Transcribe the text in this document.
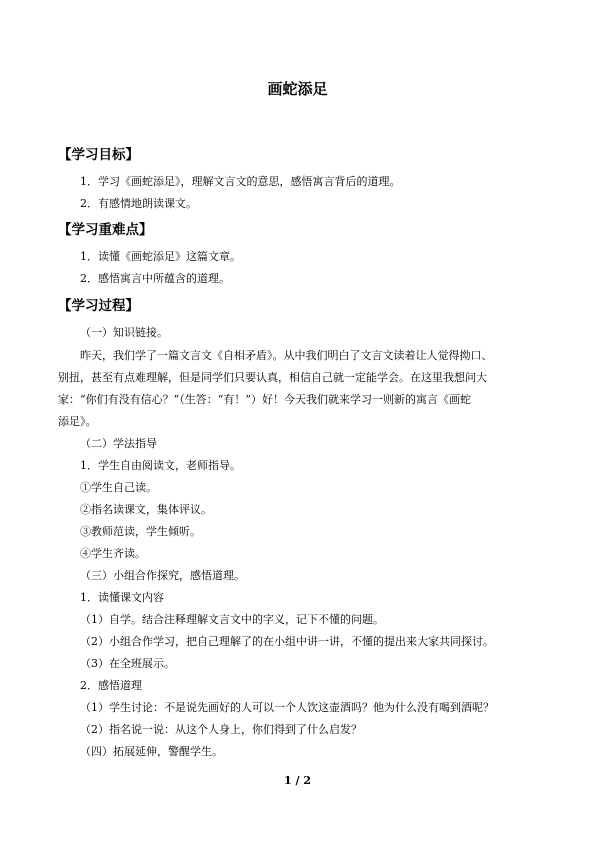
画蛇添足
【学习目标】
1．学习《画蛇添足》，理解文言文的意思，感悟寓言背后的道理。
2．有感情地朗读课文。
【学习重难点】
1．读懂《画蛇添足》这篇文章。
2．感悟寓言中所蕴含的道理。
【学习过程】
（一）知识链接。
昨天，我们学了一篇文言文《自相矛盾》。从中我们明白了文言文读着让人觉得拗口、
别扭，甚至有点难理解，但是同学们只要认真，相信自己就一定能学会。在这里我想问大
家：“你们有没有信心？”（生答：“有！”）好！今天我们就来学习一则新的寓言《画蛇
添足》。
（二）学法指导
1．学生自由阅读文，老师指导。
①学生自己读。
②指名读课文，集体评议。
③教师范读，学生倾听。
④学生齐读。
（三）小组合作探究，感悟道理。
1．读懂课文内容
（1）自学。结合注释理解文言文中的字义，记下不懂的问题。
（2）小组合作学习，把自己理解了的在小组中讲一讲，不懂的提出来大家共同探讨。
（3）在全班展示。
2．感悟道理
（1）学生讨论：不是说先画好的人可以一个人饮这壶酒吗？他为什么没有喝到酒呢？
（2）指名说一说：从这个人身上，你们得到了什么启发？
（四）拓展延伸，警醒学生。
1 / 2
